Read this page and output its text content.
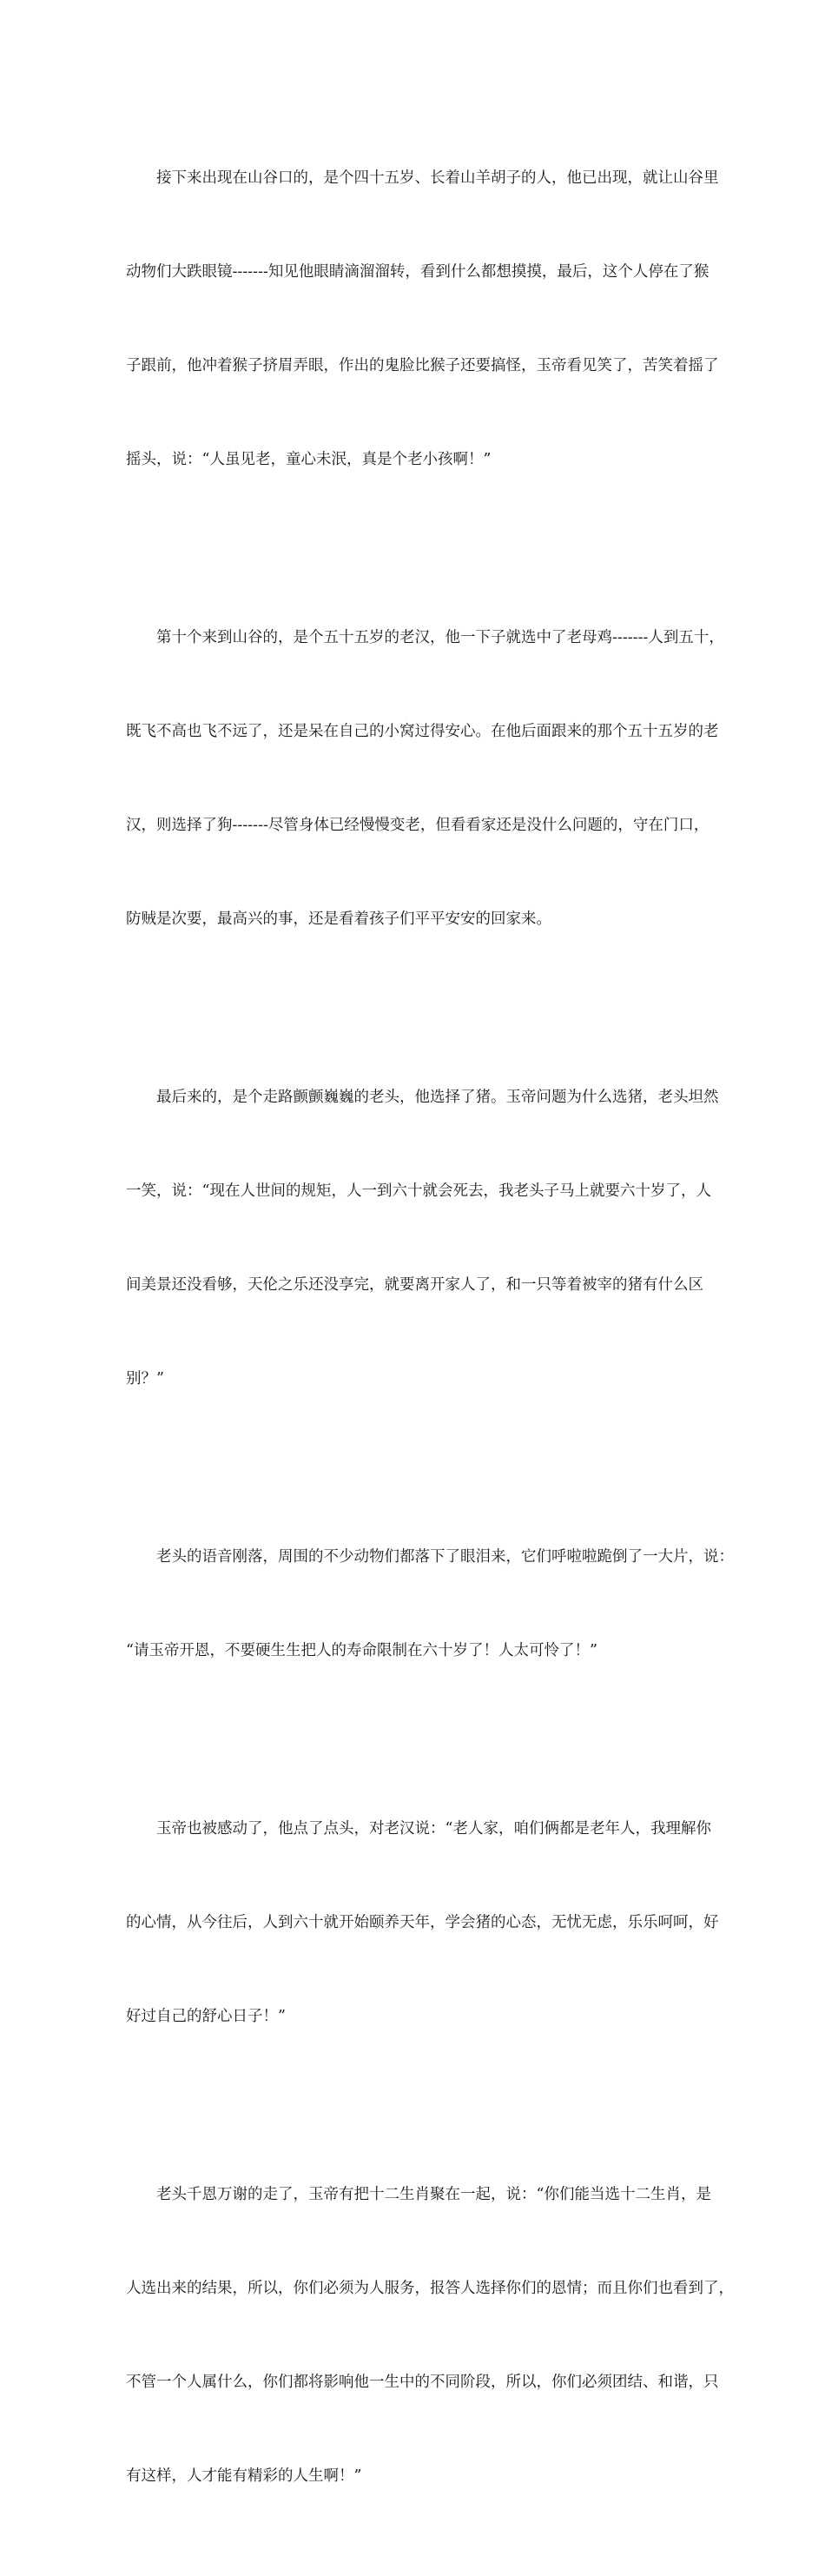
接下来出现在山谷口的，是个四十五岁、长着山羊胡子的人，他已出现，就让山谷里

动物们大跌眼镜-------知见他眼睛滴溜溜转，看到什么都想摸摸，最后，这个人停在了猴

子跟前，他冲着猴子挤眉弄眼，作出的鬼脸比猴子还要搞怪，玉帝看见笑了，苦笑着摇了

摇头，说：“人虽见老，童心未泯，真是个老小孩啊！”

第十个来到山谷的，是个五十五岁的老汉，他一下子就选中了老母鸡-------人到五十，

既飞不高也飞不远了，还是呆在自己的小窝过得安心。在他后面跟来的那个五十五岁的老

汉，则选择了狗-------尽管身体已经慢慢变老，但看看家还是没什么问题的，守在门口，

防贼是次要，最高兴的事，还是看着孩子们平平安安的回家来。

最后来的，是个走路颤颤巍巍的老头，他选择了猪。玉帝问题为什么选猪，老头坦然

一笑，说：“现在人世间的规矩，人一到六十就会死去，我老头子马上就要六十岁了，人

间美景还没看够，天伦之乐还没享完，就要离开家人了，和一只等着被宰的猪有什么区

别？”

老头的语音刚落，周围的不少动物们都落下了眼泪来，它们呼啦啦跪倒了一大片，说：

“请玉帝开恩，不要硬生生把人的寿命限制在六十岁了！人太可怜了！”

玉帝也被感动了，他点了点头，对老汉说：“老人家，咱们俩都是老年人，我理解你

的心情，从今往后，人到六十就开始颐养天年，学会猪的心态，无忧无虑，乐乐呵呵，好

好过自己的舒心日子！”

老头千恩万谢的走了，玉帝有把十二生肖聚在一起，说：“你们能当选十二生肖，是

人选出来的结果，所以，你们必须为人服务，报答人选择你们的恩情；而且你们也看到了，

不管一个人属什么，你们都将影响他一生中的不同阶段，所以，你们必须团结、和谐，只

有这样，人才能有精彩的人生啊！”
